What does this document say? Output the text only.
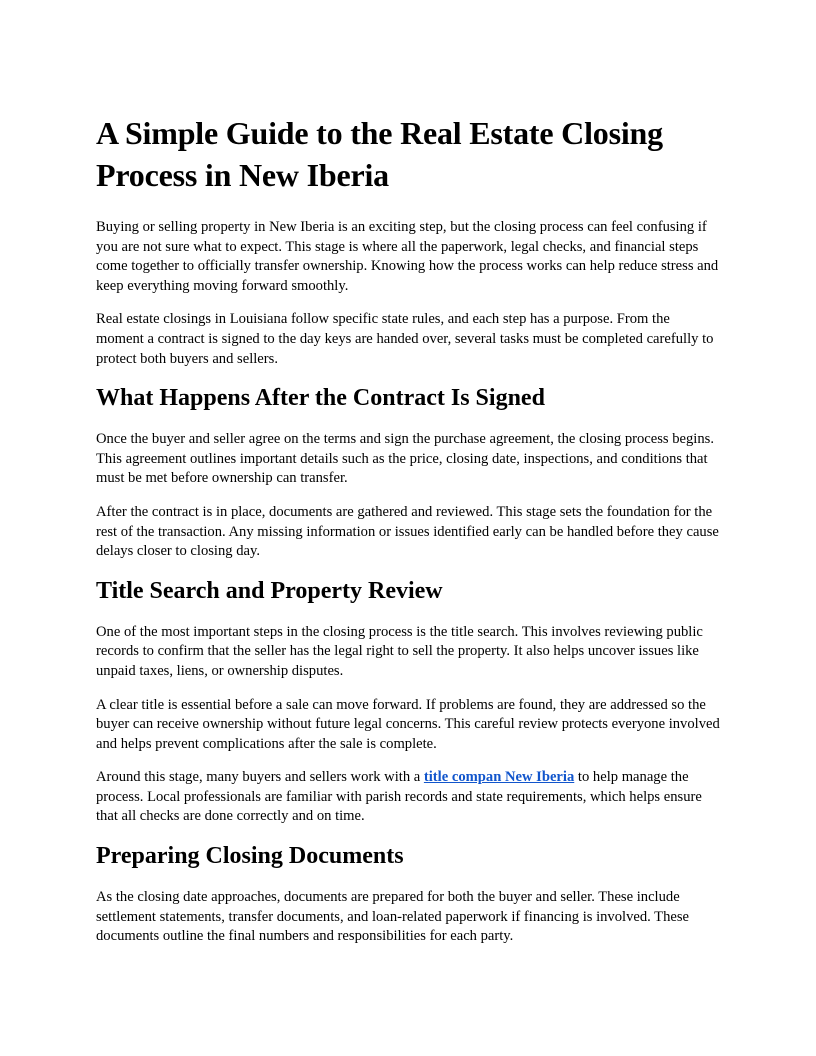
A Simple Guide to the Real Estate Closing Process in New Iberia

Buying or selling property in New Iberia is an exciting step, but the closing process can feel confusing if you are not sure what to expect. This stage is where all the paperwork, legal checks, and financial steps come together to officially transfer ownership. Knowing how the process works can help reduce stress and keep everything moving forward smoothly.

Real estate closings in Louisiana follow specific state rules, and each step has a purpose. From the moment a contract is signed to the day keys are handed over, several tasks must be completed carefully to protect both buyers and sellers.

What Happens After the Contract Is Signed

Once the buyer and seller agree on the terms and sign the purchase agreement, the closing process begins. This agreement outlines important details such as the price, closing date, inspections, and conditions that must be met before ownership can transfer.

After the contract is in place, documents are gathered and reviewed. This stage sets the foundation for the rest of the transaction. Any missing information or issues identified early can be handled before they cause delays closer to closing day.

Title Search and Property Review

One of the most important steps in the closing process is the title search. This involves reviewing public records to confirm that the seller has the legal right to sell the property. It also helps uncover issues like unpaid taxes, liens, or ownership disputes.

A clear title is essential before a sale can move forward. If problems are found, they are addressed so the buyer can receive ownership without future legal concerns. This careful review protects everyone involved and helps prevent complications after the sale is complete.

Around this stage, many buyers and sellers work with a title compan New Iberia to help manage the process. Local professionals are familiar with parish records and state requirements, which helps ensure that all checks are done correctly and on time.

Preparing Closing Documents

As the closing date approaches, documents are prepared for both the buyer and seller. These include settlement statements, transfer documents, and loan-related paperwork if financing is involved. These documents outline the final numbers and responsibilities for each party.
